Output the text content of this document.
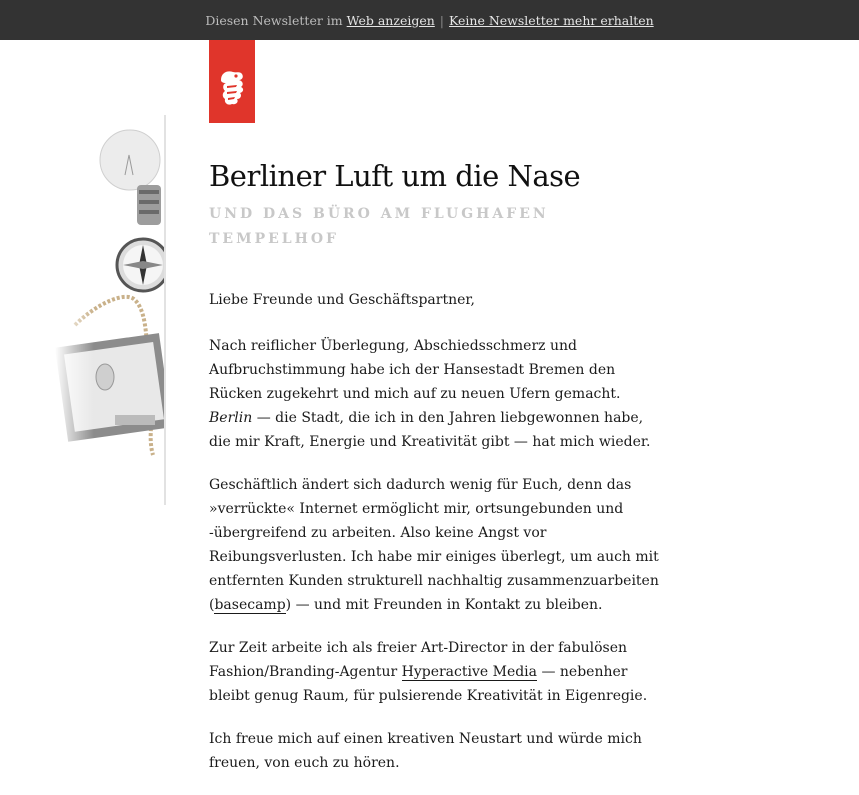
Diesen Newsletter im Web anzeigen | Keine Newsletter mehr erhalten
Berliner Luft um die Nase
UND DAS BÜRO AM FLUGHAFEN TEMPELHOF

Liebe Freunde und Geschäftspartner,

Nach reiflicher Überlegung, Abschiedsschmerz und Aufbruchstimmung habe ich der Hansestadt Bremen den Rücken zugekehrt und mich auf zu neuen Ufern gemacht. Berlin — die Stadt, die ich in den Jahren liebgewonnen habe, die mir Kraft, Energie und Kreativität gibt — hat mich wieder.

Geschäftlich ändert sich dadurch wenig für Euch, denn das »verrückte« Internet ermöglicht mir, ortsungebunden und -übergreifend zu arbeiten. Also keine Angst vor Reibungsverlusten. Ich habe mir einiges überlegt, um auch mit entfernten Kunden strukturell nachhaltig zusammenzuarbeiten (basecamp) — und mit Freunden in Kontakt zu bleiben.

Zur Zeit arbeite ich als freier Art-Director in der fabulösen Fashion/Branding-Agentur Hyperactive Media — nebenher bleibt genug Raum, für pulsierende Kreativität in Eigenregie.

Ich freue mich auf einen kreativen Neustart und würde mich freuen, von euch zu hören.
